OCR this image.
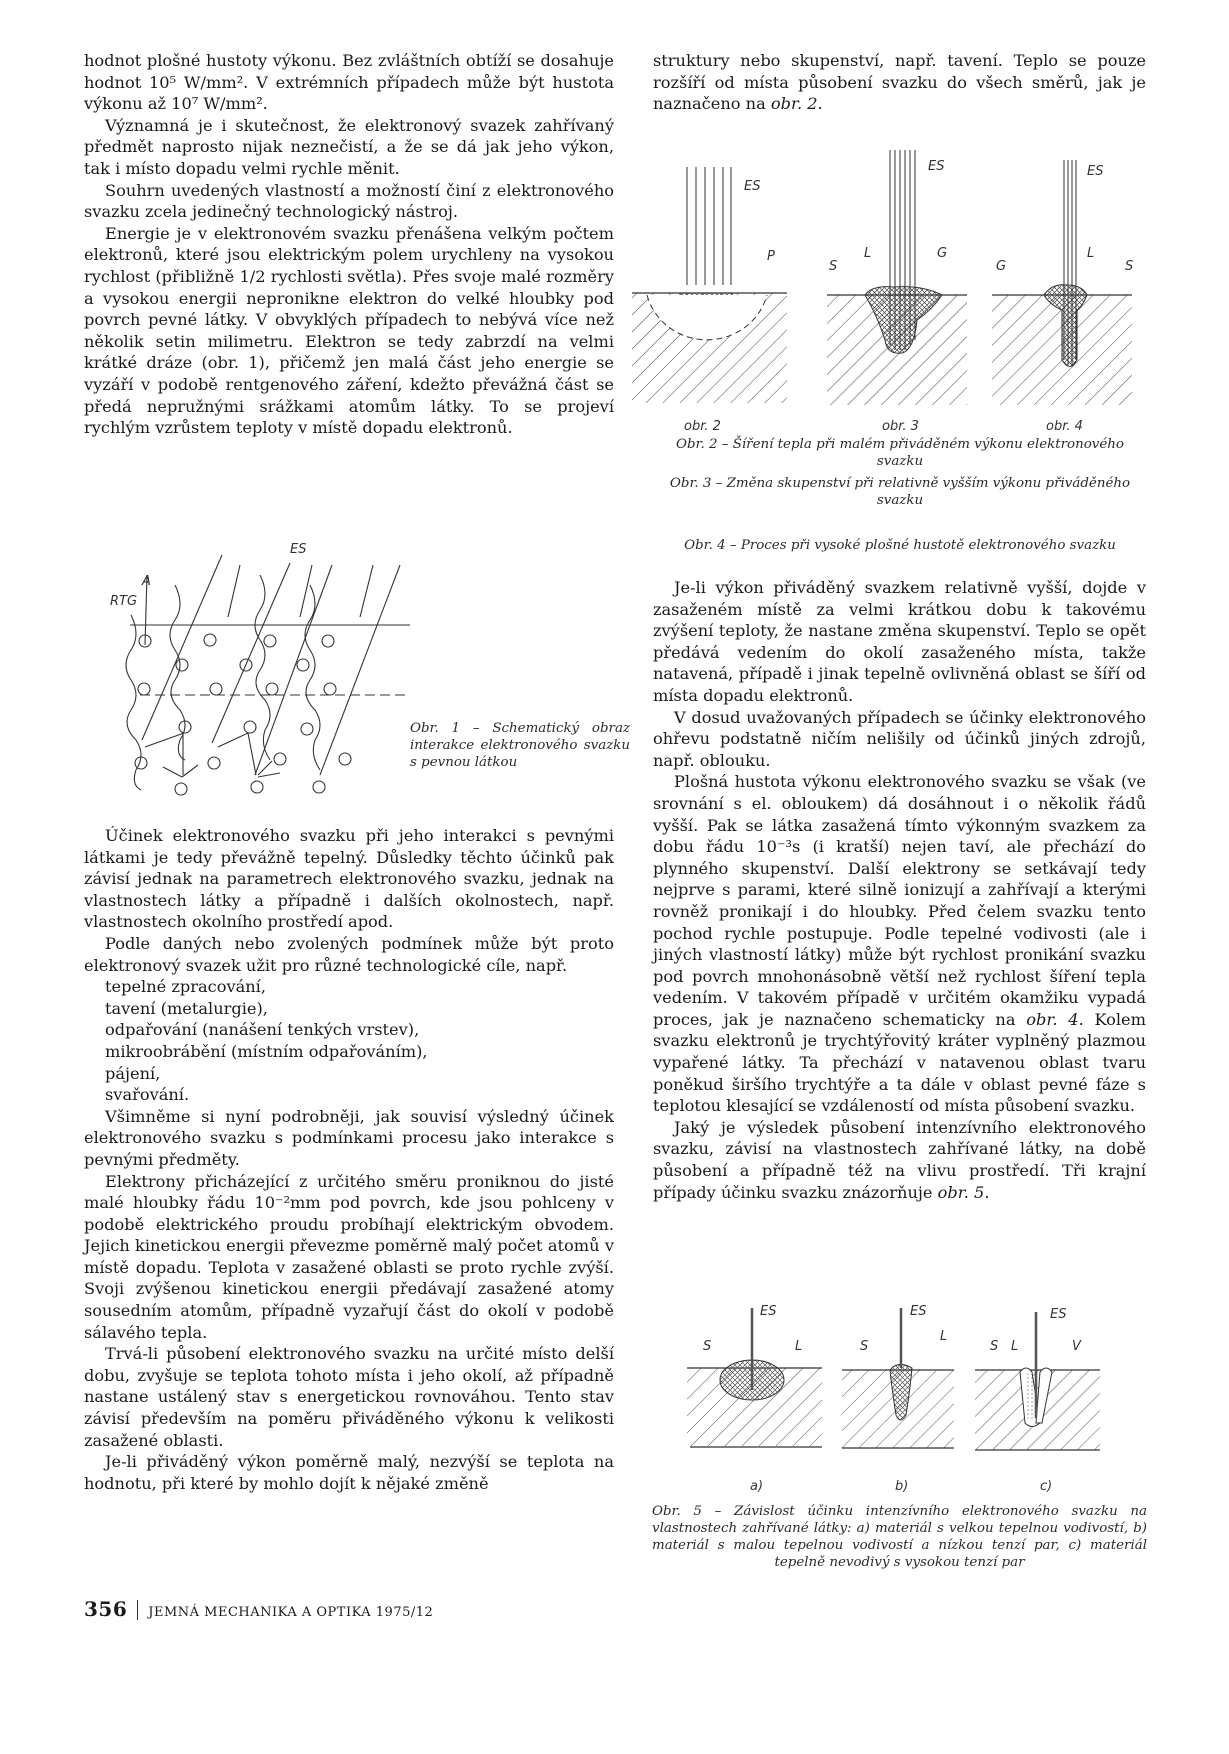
hodnot plošné hustoty výkonu. Bez zvláštních obtíží se dosahuje hodnot 10⁵ W/mm². V extrémních případech může být hustota výkonu až 10⁷ W/mm².

Významná je i skutečnost, že elektronový svazek zahřívaný předmět naprosto nijak neznečistí, a že se dá jak jeho výkon, tak i místo dopadu velmi rychle měnit.

Souhrn uvedených vlastností a možností činí z elektronového svazku zcela jedinečný technologický nástroj.

Energie je v elektronovém svazku přenášena velkým počtem elektronů, které jsou elektrickým polem urychleny na vysokou rychlost (přibližně 1/2 rychlosti světla). Přes svoje malé rozměry a vysokou energii nepronikne elektron do velké hloubky pod povrch pevné látky. V obvyklých případech to nebývá více než několik setin milimetru. Elektron se tedy zabrzdí na velmi krátké dráze (obr. 1), přičemž jen malá část jeho energie se vyzáří v podobě rentgenového záření, kdežto převážná část se předá nepružnými srážkami atomům látky. To se projeví rychlým vzrůstem teploty v místě dopadu elektronů.

ES
RTG
A
Obr. 1 – Schematický obraz interakce elektronového svazku s pevnou látkou

Účinek elektronového svazku při jeho interakci s pevnými látkami je tedy převážně tepelný. Důsledky těchto účinků pak závisí jednak na parametrech elektronového svazku, jednak na vlastnostech látky a případně i dalších okolnostech, např. vlastnostech okolního prostředí apod.

Podle daných nebo zvolených podmínek může být proto elektronový svazek užit pro různé technologické cíle, např.

tepelné zpracování,

tavení (metalurgie),

odpařování (nanášení tenkých vrstev),

mikroobrábění (místním odpařováním),

pájení,

svařování.

Všimněme si nyní podrobněji, jak souvisí výsledný účinek elektronového svazku s podmínkami procesu jako interakce s pevnými předměty.

Elektrony přicházející z určitého směru proniknou do jisté malé hloubky řádu 10⁻²mm pod povrch, kde jsou pohlceny v podobě elektrického proudu probíhají elektrickým obvodem. Jejich kinetickou energii převezme poměrně malý počet atomů v místě dopadu. Teplota v zasažené oblasti se proto rychle zvýší. Svoji zvýšenou kinetickou energii předávají zasažené atomy sousedním atomům, případně vyzařují část do okolí v podobě sálavého tepla.

Trvá-li působení elektronového svazku na určité místo delší dobu, zvyšuje se teplota tohoto místa i jeho okolí, až případně nastane ustálený stav s energetickou rovnováhou. Tento stav závisí především na poměru přiváděného výkonu k velikosti zasažené oblasti.

Je-li přiváděný výkon poměrně malý, nezvýší se teplota na hodnotu, při které by mohlo dojít k nějaké změně

struktury nebo skupenství, např. tavení. Teplo se pouze rozšíří od místa působení svazku do všech směrů, jak je naznačeno na obr. 2.

ES
P
obr. 2
ES
S
L	G
obr. 3
ES
G
L
S
obr. 4
Obr. 2 – Šíření tepla při malém přiváděném výkonu elektronového svazku
Obr. 3 – Změna skupenství při relativně vyšším výkonu přiváděného svazku
Obr. 4 – Proces při vysoké plošné hustotě elektronového svazku

Je-li výkon přiváděný svazkem relativně vyšší, dojde v zasaženém místě za velmi krátkou dobu k takovému zvýšení teploty, že nastane změna skupenství. Teplo se opět předává vedením do okolí zasaženého místa, takže natavená, případě i jinak tepelně ovlivněná oblast se šíří od místa dopadu elektronů.

V dosud uvažovaných případech se účinky elektronového ohřevu podstatně ničím nelišily od účinků jiných zdrojů, např. oblouku.

Plošná hustota výkonu elektronového svazku se však (ve srovnání s el. obloukem) dá dosáhnout i o několik řádů vyšší. Pak se látka zasažená tímto výkonným svazkem za dobu řádu 10⁻³s (i kratší) nejen taví, ale přechází do plynného skupenství. Další elektrony se setkávají tedy nejprve s parami, které silně ionizují a zahřívají a kterými rovněž pronikají i do hloubky. Před čelem svazku tento pochod rychle postupuje. Podle tepelné vodivosti (ale i jiných vlastností látky) může být rychlost pronikání svazku pod povrch mnohonásobně větší než rychlost šíření tepla vedením. V takovém případě v určitém okamžiku vypadá proces, jak je naznačeno schematicky na obr. 4. Kolem svazku elektronů je trychtýřovitý kráter vyplněný plazmou vypařené látky. Ta přechází v natavenou oblast tvaru poněkud širšího trychtýře a ta dále v oblast pevné fáze s teplotou klesající se vzdáleností od místa působení svazku.

Jaký je výsledek působení intenzívního elektronového svazku, závisí na vlastnostech zahřívané látky, na době působení a případně též na vlivu prostředí. Tři krajní případy účinku svazku znázorňuje obr. 5.

ES
S	L
a)
ES
S
L
b)
ES
S L	V
c)
Obr. 5 – Závislost účinku intenzívního elektronového svazku na vlastnostech zahřívané látky: a) materiál s velkou tepelnou vodivostí, b) materiál s malou tepelnou vodivostí a nízkou tenzí par, c) materiál tepelně nevodivý s vysokou tenzí par
356 JEMNÁ MECHANIKA A OPTIKA 1975/12
